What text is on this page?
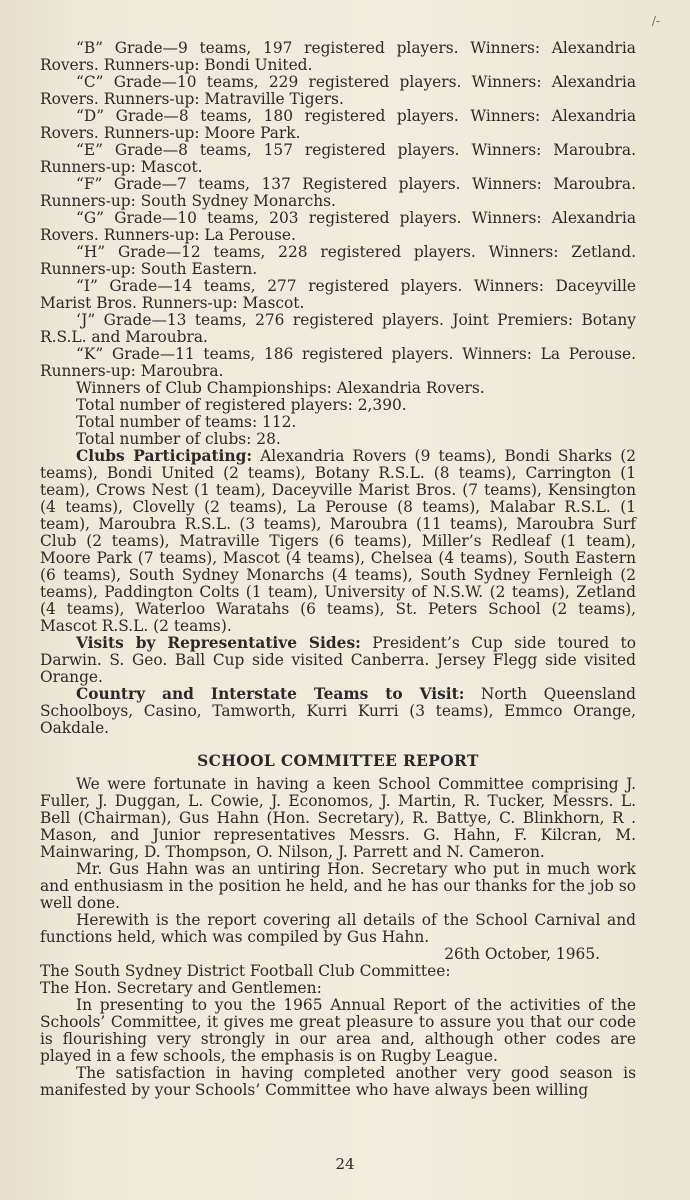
/-

“B” Grade—9 teams, 197 registered players. Winners: Alexandria Rovers. Runners-up: Bondi United.

“C” Grade—10 teams, 229 registered players. Winners: Alexandria Rovers. Runners-up: Matraville Tigers.

“D” Grade—8 teams, 180 registered players. Winners: Alexandria Rovers. Runners-up: Moore Park.

“E” Grade—8 teams, 157 registered players. Winners: Maroubra. Runners-up: Mascot.

“F” Grade—7 teams, 137 Registered players. Winners: Maroubra. Runners-up: South Sydney Monarchs.

“G” Grade—10 teams, 203 registered players. Winners: Alexandria Rovers. Runners-up: La Perouse.

“H” Grade—12 teams, 228 registered players. Winners: Zetland. Runners-up: South Eastern.

“I” Grade—14 teams, 277 registered players. Winners: Daceyville Marist Bros. Runners-up: Mascot.

‘J” Grade—13 teams, 276 registered players. Joint Premiers: Botany R.S.L. and Maroubra.

“K” Grade—11 teams, 186 registered players. Winners: La Perouse. Runners-up: Maroubra.

Winners of Club Championships: Alexandria Rovers.

Total number of registered players: 2,390.

Total number of teams: 112.

Total number of clubs: 28.

Clubs Participating: Alexandria Rovers (9 teams), Bondi Sharks (2 teams), Bondi United (2 teams), Botany R.S.L. (8 teams), Carrington (1 team), Crows Nest (1 team), Daceyville Marist Bros. (7 teams), Kensington (4 teams), Clovelly (2 teams), La Perouse (8 teams), Malabar R.S.L. (1 team), Maroubra R.S.L. (3 teams), Maroubra (11 teams), Maroubra Surf Club (2 teams), Matraville Tigers (6 teams), Miller’s Redleaf (1 team), Moore Park (7 teams), Mascot (4 teams), Chelsea (4 teams), South Eastern (6 teams), South Sydney Monarchs (4 teams), South Sydney Fernleigh (2 teams), Paddington Colts (1 team), University of N.S.W. (2 teams), Zetland (4 teams), Waterloo Waratahs (6 teams), St. Peters School (2 teams), Mascot R.S.L. (2 teams).

Visits by Representative Sides: President’s Cup side toured to Darwin. S. Geo. Ball Cup side visited Canberra. Jersey Flegg side visited Orange.

Country and Interstate Teams to Visit: North Queensland Schoolboys, Casino, Tamworth, Kurri Kurri (3 teams), Emmco Orange, Oakdale.

SCHOOL COMMITTEE REPORT

We were fortunate in having a keen School Committee comprising J. Fuller, J. Duggan, L. Cowie, J. Economos, J. Martin, R. Tucker, Messrs. L. Bell (Chairman), Gus Hahn (Hon. Secretary), R. Battye, C. Blinkhorn, R . Mason, and Junior representatives Messrs. G. Hahn, F. Kilcran, M. Mainwaring, D. Thompson, O. Nilson, J. Parrett and N. Cameron.

Mr. Gus Hahn was an untiring Hon. Secretary who put in much work and enthusiasm in the position he held, and he has our thanks for the job so well done.

Herewith is the report covering all details of the School Carnival and functions held, which was compiled by Gus Hahn.

26th October, 1965.

The South Sydney District Football Club Committee:

The Hon. Secretary and Gentlemen:

In presenting to you the 1965 Annual Report of the activities of the Schools’ Committee, it gives me great pleasure to assure you that our code is flourishing very strongly in our area and, although other codes are played in a few schools, the emphasis is on Rugby League.

The satisfaction in having completed another very good season is manifested by your Schools’ Committee who have always been willing

24
